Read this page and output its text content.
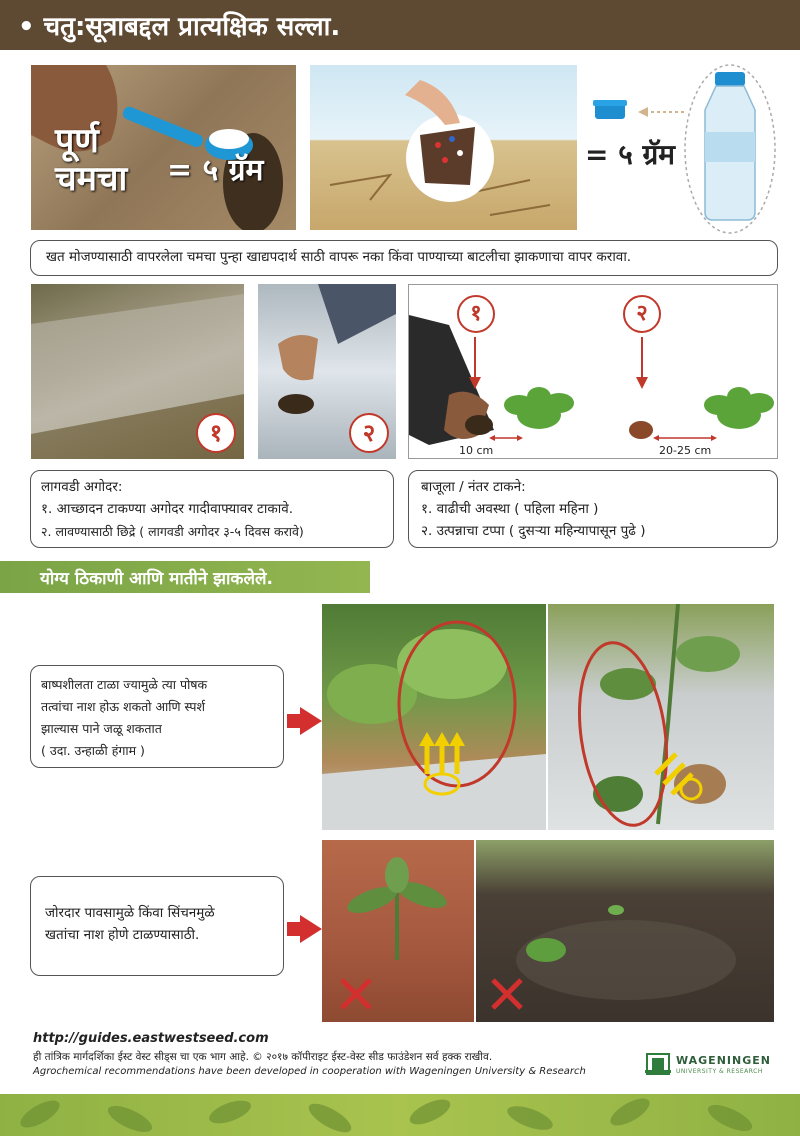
• चतु:सूत्राबद्दल प्रात्यक्षिक सल्ला.
पूर्ण
चमचा = ५ ग्रॅम	= ५ ग्रॅम
खत मोजण्यासाठी वापरलेला चमचा पुन्हा खाद्यपदार्थ साठी वापरू नका किंवा पाण्याच्या बाटलीचा झाकणाचा वापर करावा.
१	२
१	२
10 cm	20-25 cm
लागवडी अगोदर:
१. आच्छादन टाकण्या अगोदर गादीवाफ्यावर टाकावे.
२. लावण्यासाठी छिद्रे ( लागवडी अगोदर ३-५ दिवस करावे)
बाजूला / नंतर टाकने:
१. वाढीची अवस्था ( पहिला महिना )
२. उत्पन्नाचा टप्पा ( दुसऱ्या महिन्यापासून पुढे )
योग्य ठिकाणी आणि मातीने झाकलेले.
बाष्पशीलता टाळा ज्यामुळे त्या पोषक
तत्वांचा नाश होऊ शकतो आणि स्पर्श
झाल्यास पाने जळू शकतात
( उदा. उन्हाळी हंगाम )
जोरदार पावसामुळे किंवा सिंचनमुळे
खतांचा नाश होणे टाळण्यासाठी.
http://guides.eastwestseed.com
ही तांत्रिक मार्गदर्शिका ईस्ट वेस्ट सीड्स चा एक भाग आहे. © २०१७ कॉपीराइट ईस्ट-वेस्ट सीड फाउंडेशन सर्व हक्क राखीव.
Agrochemical recommendations have been developed in cooperation with Wageningen University & Research
WAGENINGEN
UNIVERSITY & RESEARCH
